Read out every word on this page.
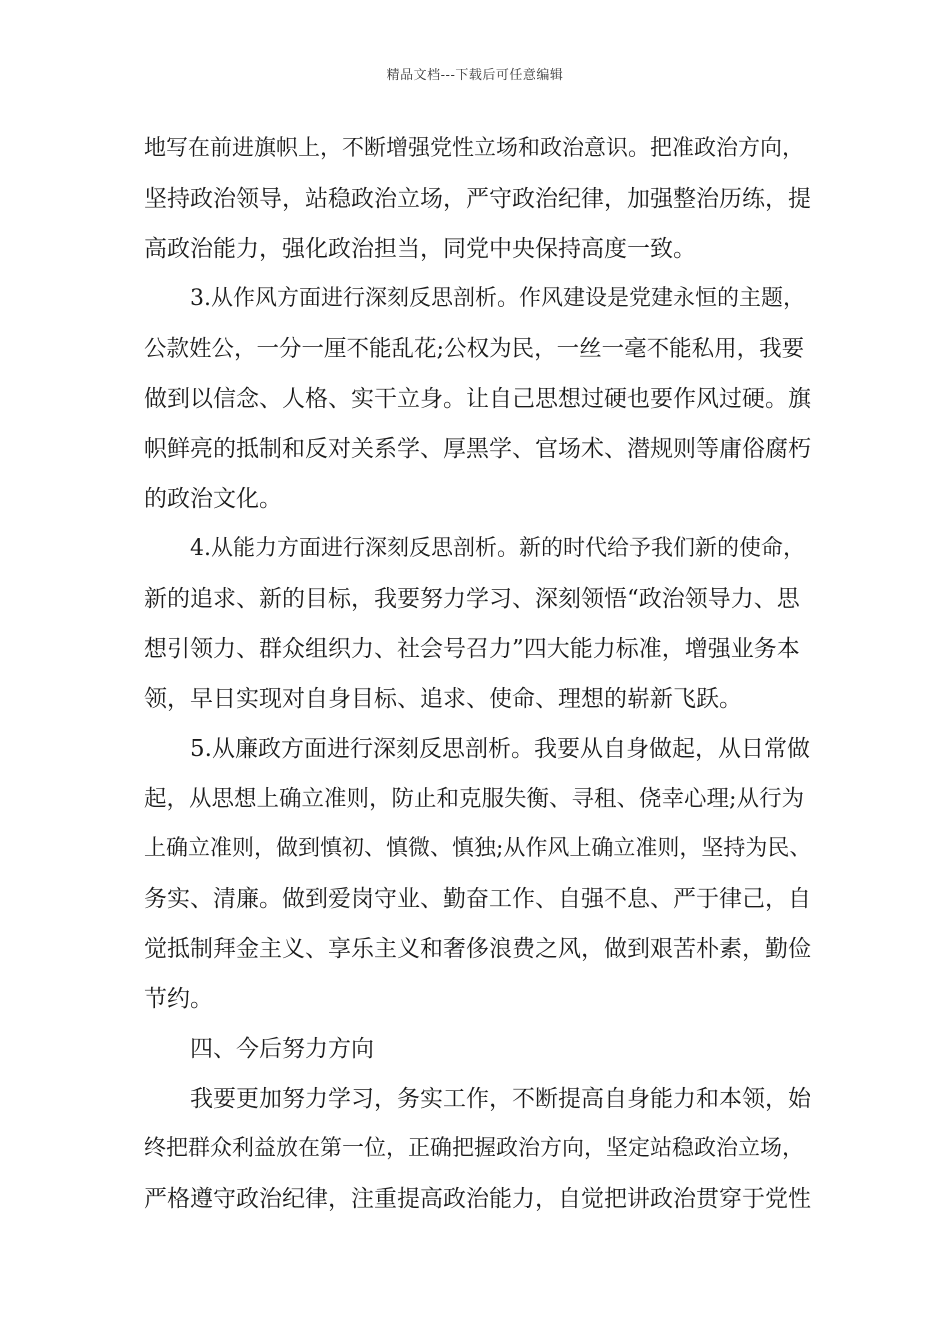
精品文档---下载后可任意编辑
地写在前进旗帜上，不断增强党性立场和政治意识。把准政治方向，
坚持政治领导，站稳政治立场，严守政治纪律，加强整治历练，提
高政治能力，强化政治担当，同党中央保持高度一致。
3.从作风方面进行深刻反思剖析。作风建设是党建永恒的主题，
公款姓公，一分一厘不能乱花;公权为民，一丝一毫不能私用，我要
做到以信念、人格、实干立身。让自己思想过硬也要作风过硬。旗
帜鲜亮的抵制和反对关系学、厚黑学、官场术、潜规则等庸俗腐朽
的政治文化。
4.从能力方面进行深刻反思剖析。新的时代给予我们新的使命，
新的追求、新的目标，我要努力学习、深刻领悟“政治领导力、思
想引领力、群众组织力、社会号召力”四大能力标准，增强业务本
领，早日实现对自身目标、追求、使命、理想的崭新飞跃。
5.从廉政方面进行深刻反思剖析。我要从自身做起，从日常做
起，从思想上确立准则，防止和克服失衡、寻租、侥幸心理;从行为
上确立准则，做到慎初、慎微、慎独;从作风上确立准则，坚持为民、
务实、清廉。做到爱岗守业、勤奋工作、自强不息、严于律己，自
觉抵制拜金主义、享乐主义和奢侈浪费之风，做到艰苦朴素，勤俭
节约。
四、今后努力方向
我要更加努力学习，务实工作，不断提高自身能力和本领，始
终把群众利益放在第一位，正确把握政治方向，坚定站稳政治立场，
严格遵守政治纪律，注重提高政治能力，自觉把讲政治贯穿于党性
